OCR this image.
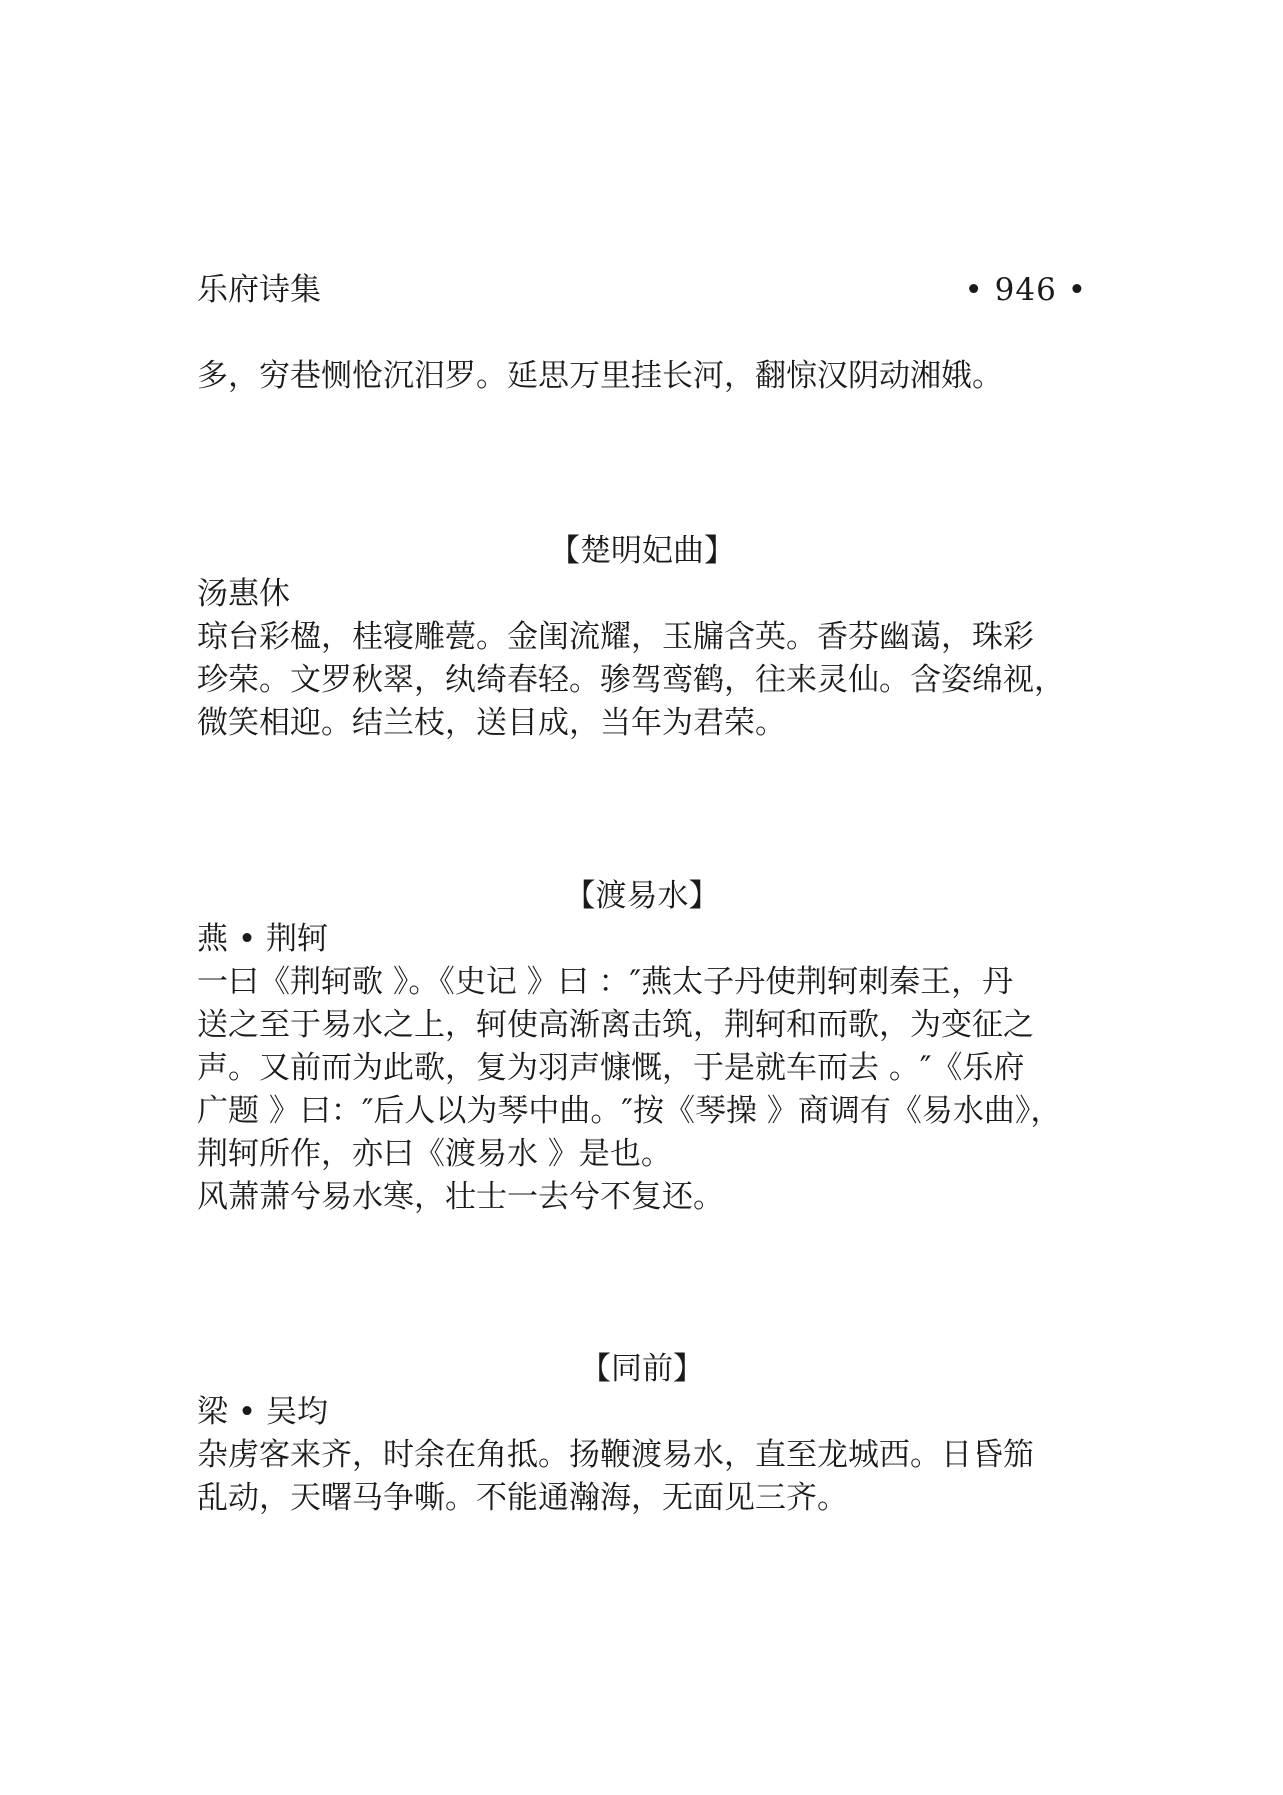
乐府诗集	• 946 •

多，穷巷恻怆沉汨罗。延思万里挂长河，翻惊汉阴动湘娥。

【楚明妃曲】

汤惠休

琼台彩楹，桂寝雕甍。金闺流耀，玉牖含英。香芬幽蔼，珠彩

珍荣。文罗秋翠，纨绮春轻。骖驾鸾鹤，往来灵仙。含姿绵视，

微笑相迎。结兰枝，送目成，当年为君荣。

【渡易水】

燕 • 荆轲

一曰《荆轲歌 》。《史记 》曰 ：″燕太子丹使荆轲刺秦王，丹

送之至于易水之上，轲使高渐离击筑，荆轲和而歌，为变征之

声。又前而为此歌，复为羽声慷慨，于是就车而去 。″《乐府

广题 》曰：″后人以为琴中曲。″按《琴操 》商调有《易水曲》，

荆轲所作，亦曰《渡易水 》是也。

风萧萧兮易水寒，壮士一去兮不复还。

【同前】

梁 • 吴均

杂虏客来齐，时余在角抵。扬鞭渡易水，直至龙城西。日昏笳

乱动，天曙马争嘶。不能通瀚海，无面见三齐。
